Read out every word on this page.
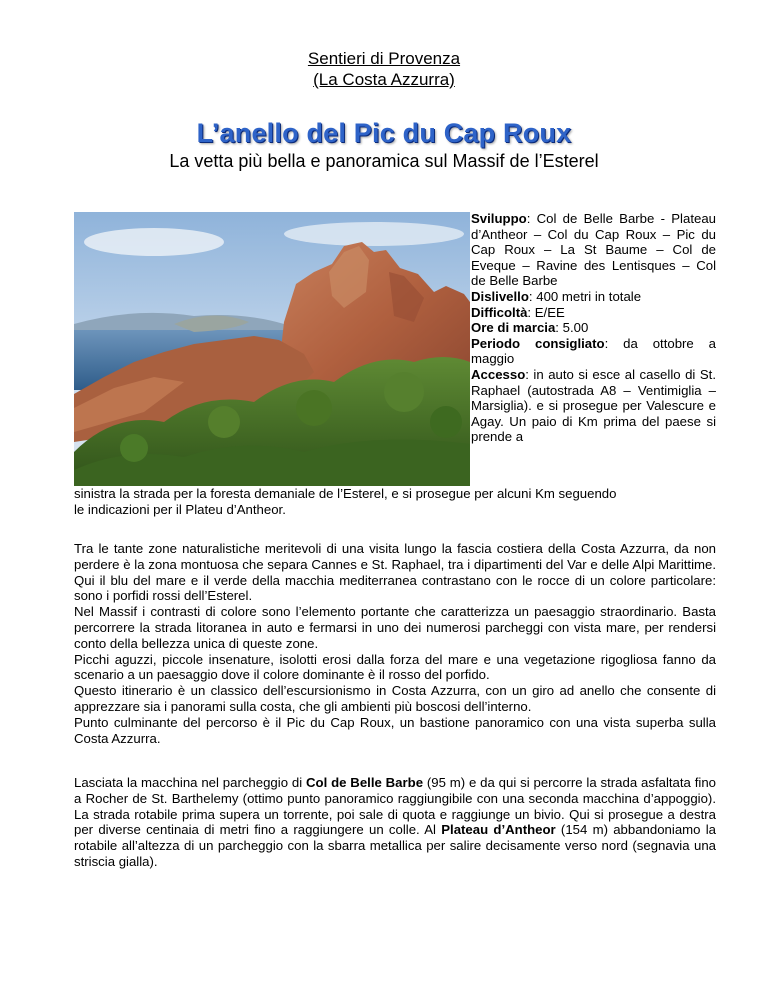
Sentieri di Provenza
(La Costa Azzurra)
L’anello del Pic du Cap Roux
La vetta più bella e panoramica sul Massif de l’Esterel

Sviluppo: Col de Belle Barbe - Plateau d’Antheor – Col du Cap Roux – Pic du Cap Roux – La St Baume – Col de Eveque – Ravine des Lentisques – Col de Belle Barbe

Dislivello: 400 metri in totale

Difficoltà: E/EE

Ore di marcia: 5.00

Periodo consigliato: da ottobre a maggio

Accesso: in auto si esce al casello di St. Raphael (autostrada A8 – Ventimiglia – Marsiglia). e si prosegue per Valescure e Agay. Un paio di Km prima del paese si prende a

sinistra la strada per la foresta demaniale de l’Esterel, e si prosegue per alcuni Km seguendo
le indicazioni per il Plateu d’Antheor.

Tra le tante zone naturalistiche meritevoli di una visita lungo la fascia costiera della Costa Azzurra, da non perdere è la zona montuosa che separa Cannes e St. Raphael, tra i dipartimenti del Var e delle Alpi Marittime. Qui il blu del mare e il verde della macchia mediterranea contrastano con le rocce di un colore particolare: sono i porfidi rossi dell’Esterel.

Nel Massif i contrasti di colore sono l’elemento portante che caratterizza un paesaggio straordinario. Basta percorrere la strada litoranea in auto e fermarsi in uno dei numerosi parcheggi con vista mare, per rendersi conto della bellezza unica di queste zone.

Picchi aguzzi, piccole insenature, isolotti erosi dalla forza del mare e una vegetazione rigogliosa fanno da scenario a un paesaggio dove il colore dominante è il rosso del porfido.

Questo itinerario è un classico dell’escursionismo in Costa Azzurra, con un giro ad anello che consente di apprezzare sia i panorami sulla costa, che gli ambienti più boscosi dell’interno.

Punto culminante del percorso è il Pic du Cap Roux, un bastione panoramico con una vista superba sulla Costa Azzurra.

Lasciata la macchina nel parcheggio di Col de Belle Barbe (95 m) e da qui si percorre la strada asfaltata fino a Rocher de St. Barthelemy (ottimo punto panoramico raggiungibile con una seconda macchina d’appoggio). La strada rotabile prima supera un torrente, poi sale di quota e raggiunge un bivio. Qui si prosegue a destra per diverse centinaia di metri fino a raggiungere un colle. Al Plateau d’Antheor (154 m) abbandoniamo la rotabile all’altezza di un parcheggio con la sbarra metallica per salire decisamente verso nord (segnavia una striscia gialla).
